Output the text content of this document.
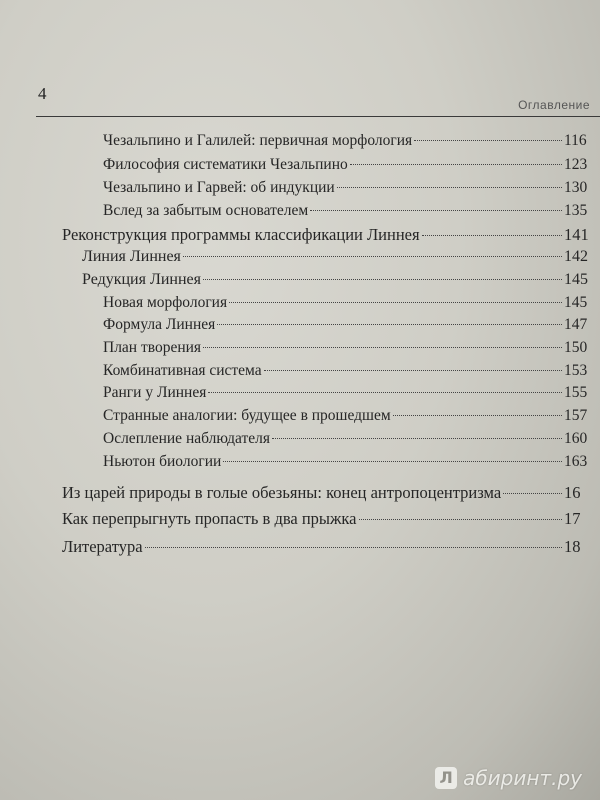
4
Оглавление
Чезальпино и Галилей: первичная морфология	116
Философия систематики Чезальпино	123
Чезальпино и Гарвей: об индукции	130
Вслед за забытым основателем	135
Реконструкция программы классификации Линнея	141
Линия Линнея	142
Редукция Линнея	145
Новая морфология	145
Формула Линнея	147
План творения	150
Комбинативная система	153
Ранги у Линнея	155
Странные аналогии: будущее в прошедшем	157
Ослепление наблюдателя	160
Ньютон биологии	163
Из царей природы в голые обезьяны: конец антропоцентризма	16
Как перепрыгнуть пропасть в два прыжка	17
Литература	18
Л абиринт.ру
